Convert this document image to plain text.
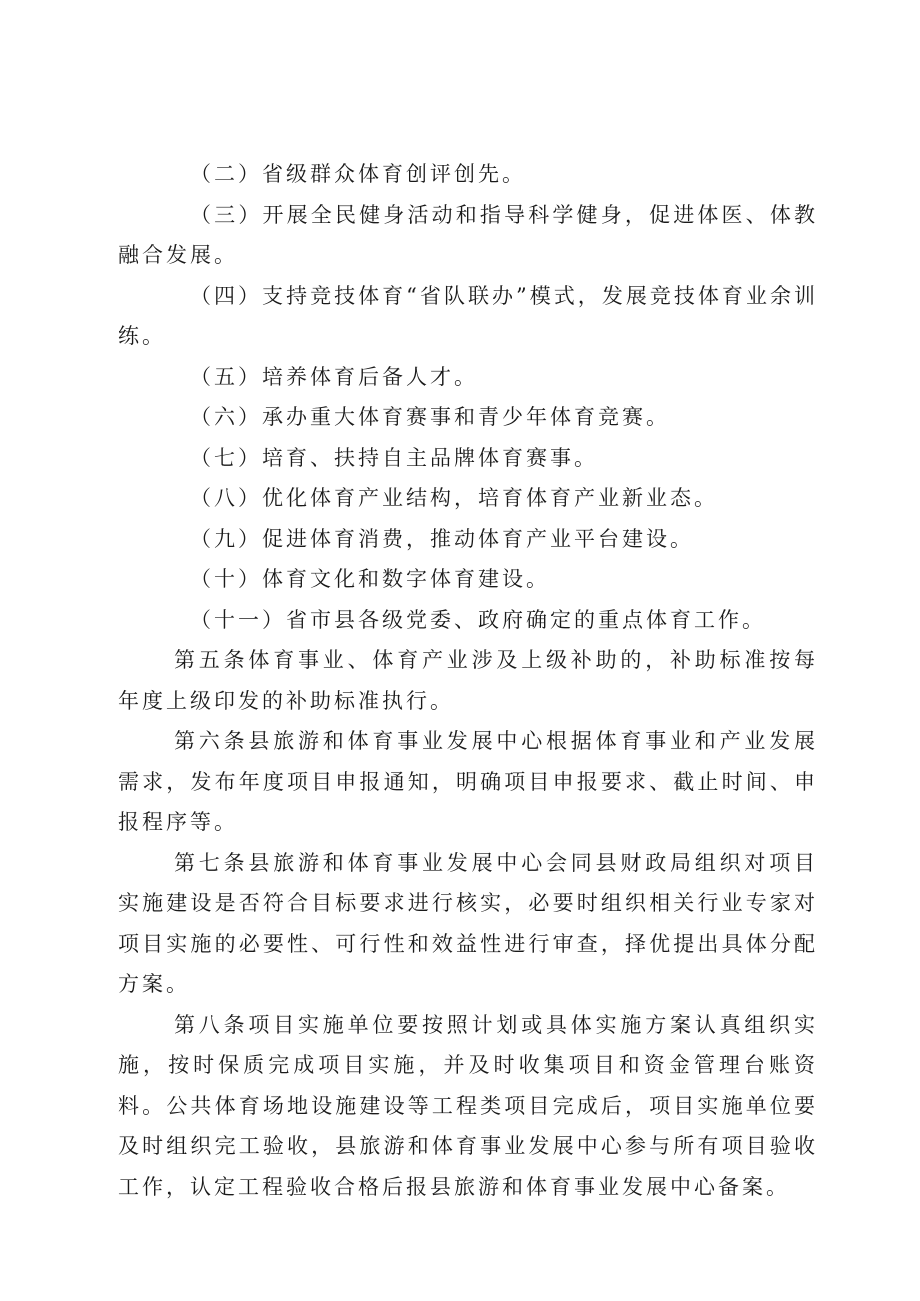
（二）省级群众体育创评创先。

（三）开展全民健身活动和指导科学健身，促进体医、体教融合发展。

（四）支持竞技体育“省队联办”模式，发展竞技体育业余训练。

（五）培养体育后备人才。

（六）承办重大体育赛事和青少年体育竞赛。

（七）培育、扶持自主品牌体育赛事。

（八）优化体育产业结构，培育体育产业新业态。

（九）促进体育消费，推动体育产业平台建设。

（十）体育文化和数字体育建设。

（十一）省市县各级党委、政府确定的重点体育工作。

第五条体育事业、体育产业涉及上级补助的，补助标准按每年度上级印发的补助标准执行。

第六条县旅游和体育事业发展中心根据体育事业和产业发展需求，发布年度项目申报通知，明确项目申报要求、截止时间、申报程序等。

第七条县旅游和体育事业发展中心会同县财政局组织对项目实施建设是否符合目标要求进行核实，必要时组织相关行业专家对项目实施的必要性、可行性和效益性进行审查，择优提出具体分配方案。

第八条项目实施单位要按照计划或具体实施方案认真组织实施，按时保质完成项目实施，并及时收集项目和资金管理台账资料。公共体育场地设施建设等工程类项目完成后，项目实施单位要及时组织完工验收，县旅游和体育事业发展中心参与所有项目验收工作，认定工程验收合格后报县旅游和体育事业发展中心备案。
